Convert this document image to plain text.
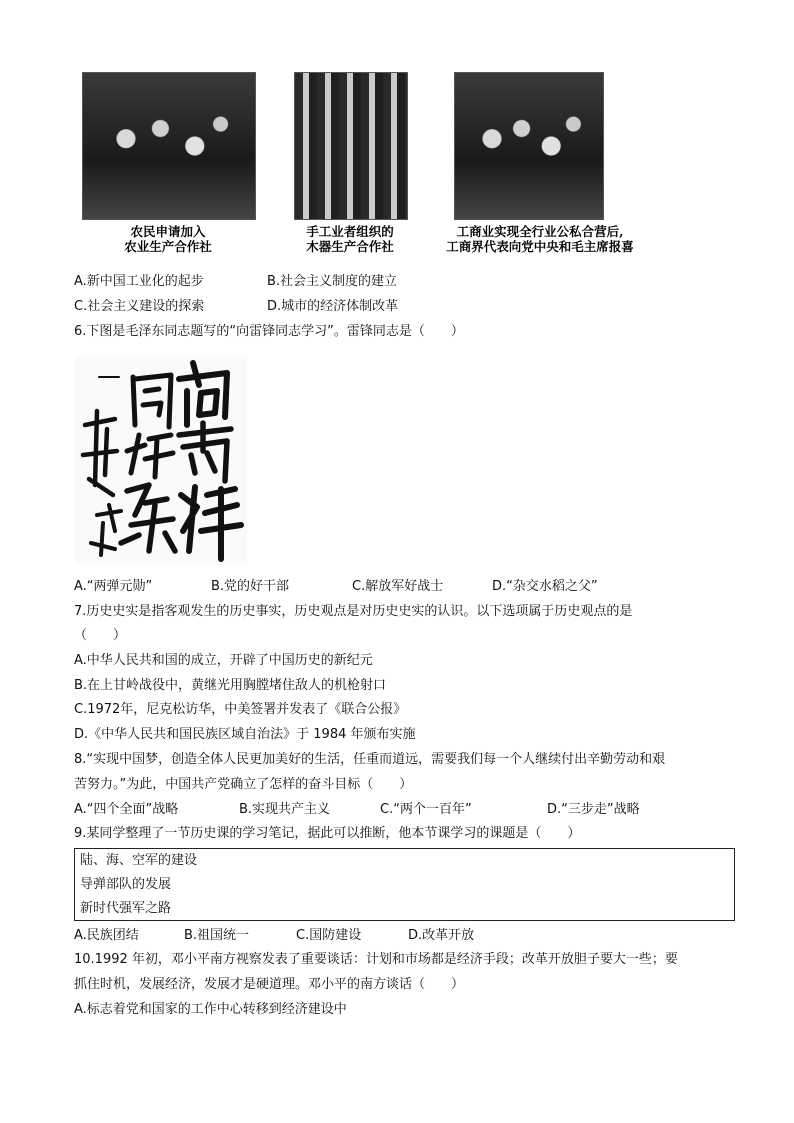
农民申请加入
农业生产合作社
手工业者组织的
木器生产合作社
工商业实现全行业公私合营后,
工商界代表向党中央和毛主席报喜
A.新中国工业化的起步	B.社会主义制度的建立
C.社会主义建设的探索	D.城市的经济体制改革
6.下图是毛泽东同志题写的“向雷锋同志学习”。雷锋同志是（　　）
A.“两弹元勋”	B.党的好干部	C.解放军好战士	D.“杂交水稻之父”
7.历史史实是指客观发生的历史事实，历史观点是对历史史实的认识。以下选项属于历史观点的是
（　　）
A.中华人民共和国的成立，开辟了中国历史的新纪元
B.在上甘岭战役中，黄继光用胸膛堵住敌人的机枪射口
C.1972年，尼克松访华，中美签署并发表了《联合公报》
D.《中华人民共和国民族区域自治法》于 1984 年颁布实施
8.“实现中国梦，创造全体人民更加美好的生活，任重而道远，需要我们每一个人继续付出辛勤劳动和艰
苦努力。”为此，中国共产党确立了怎样的奋斗目标（　　）
A.“四个全面”战略	B.实现共产主义	C.“两个一百年”	D.“三步走”战略
9.某同学整理了一节历史课的学习笔记，据此可以推断，他本节课学习的课题是（　　）
陆、海、空军的建设
导弹部队的发展
新时代强军之路
A.民族团结	B.祖国统一	C.国防建设	D.改革开放
10.1992 年初，邓小平南方视察发表了重要谈话：计划和市场都是经济手段；改革开放胆子要大一些；要
抓住时机，发展经济，发展才是硬道理。邓小平的南方谈话（　　）
A.标志着党和国家的工作中心转移到经济建设中
